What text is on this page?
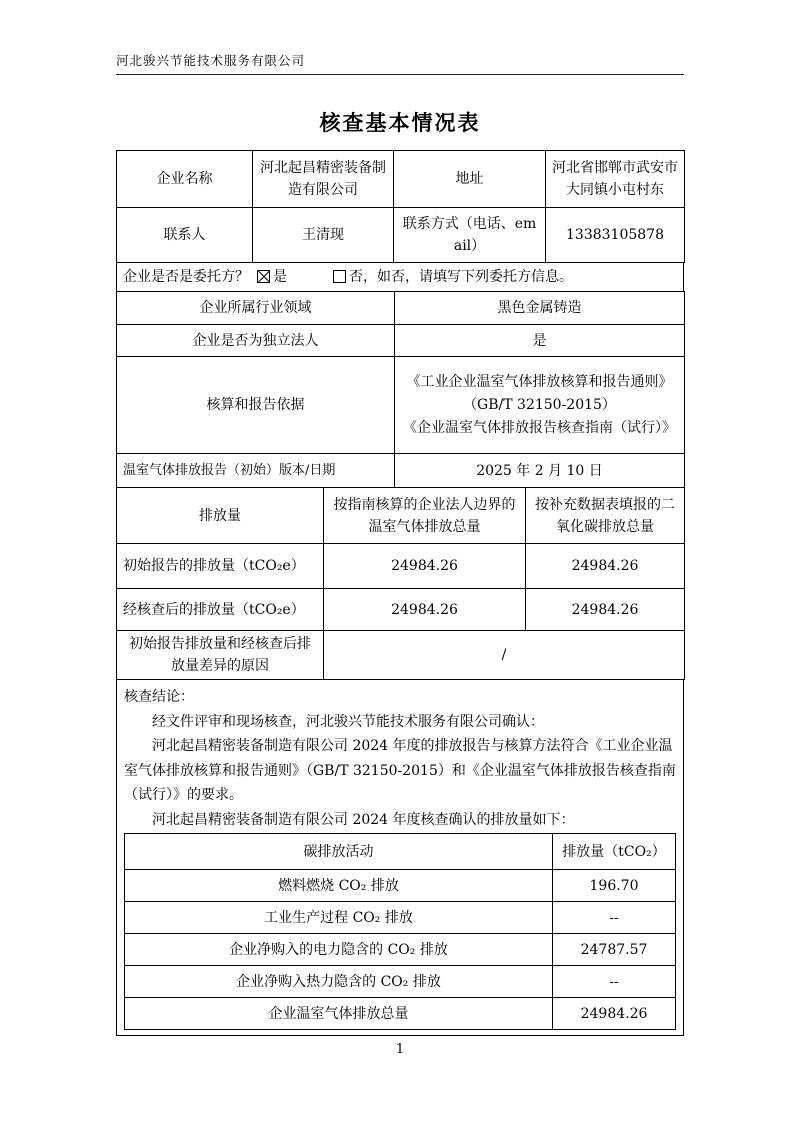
河北骏兴节能技术服务有限公司
核查基本情况表
企业名称	河北起昌精密装备制造有限公司	地址	河北省邯郸市武安市大同镇小屯村东
联系人	王清现	联系方式（电话、email）	13383105878
企业是否是委托方？ 是	否，如否，请填写下列委托方信息。
企业所属行业领域	黑色金属铸造
企业是否为独立法人	是
核算和报告依据	《工业企业温室气体排放核算和报告通则》（GB/T 32150-2015）
《企业温室气体排放报告核查指南（试行）》

温室气体排放报告（初始）版本/日期	2025 年 2 月 10 日
排放量	按指南核算的企业法人边界的温室气体排放总量	按补充数据表填报的二氧化碳排放总量
初始报告的排放量（tCO₂e）	24984.26	24984.26
经核查后的排放量（tCO₂e）	24984.26	24984.26
初始报告排放量和经核查后排放量差异的原因	/	

核查结论：

经文件评审和现场核查，河北骏兴节能技术服务有限公司确认：

河北起昌精密装备制造有限公司 2024 年度的排放报告与核算方法符合《工业企业温室气体排放核算和报告通则》（GB/T 32150-2015）和《企业温室气体排放报告核查指南（试行）》的要求。

河北起昌精密装备制造有限公司 2024 年度核查确认的排放量如下：

碳排放活动	排放量（tCO₂）
燃料燃烧 CO₂ 排放	196.70
工业生产过程 CO₂ 排放	--
企业净购入的电力隐含的 CO₂ 排放	24787.57
企业净购入热力隐含的 CO₂ 排放	--
企业温室气体排放总量	24984.26
1
